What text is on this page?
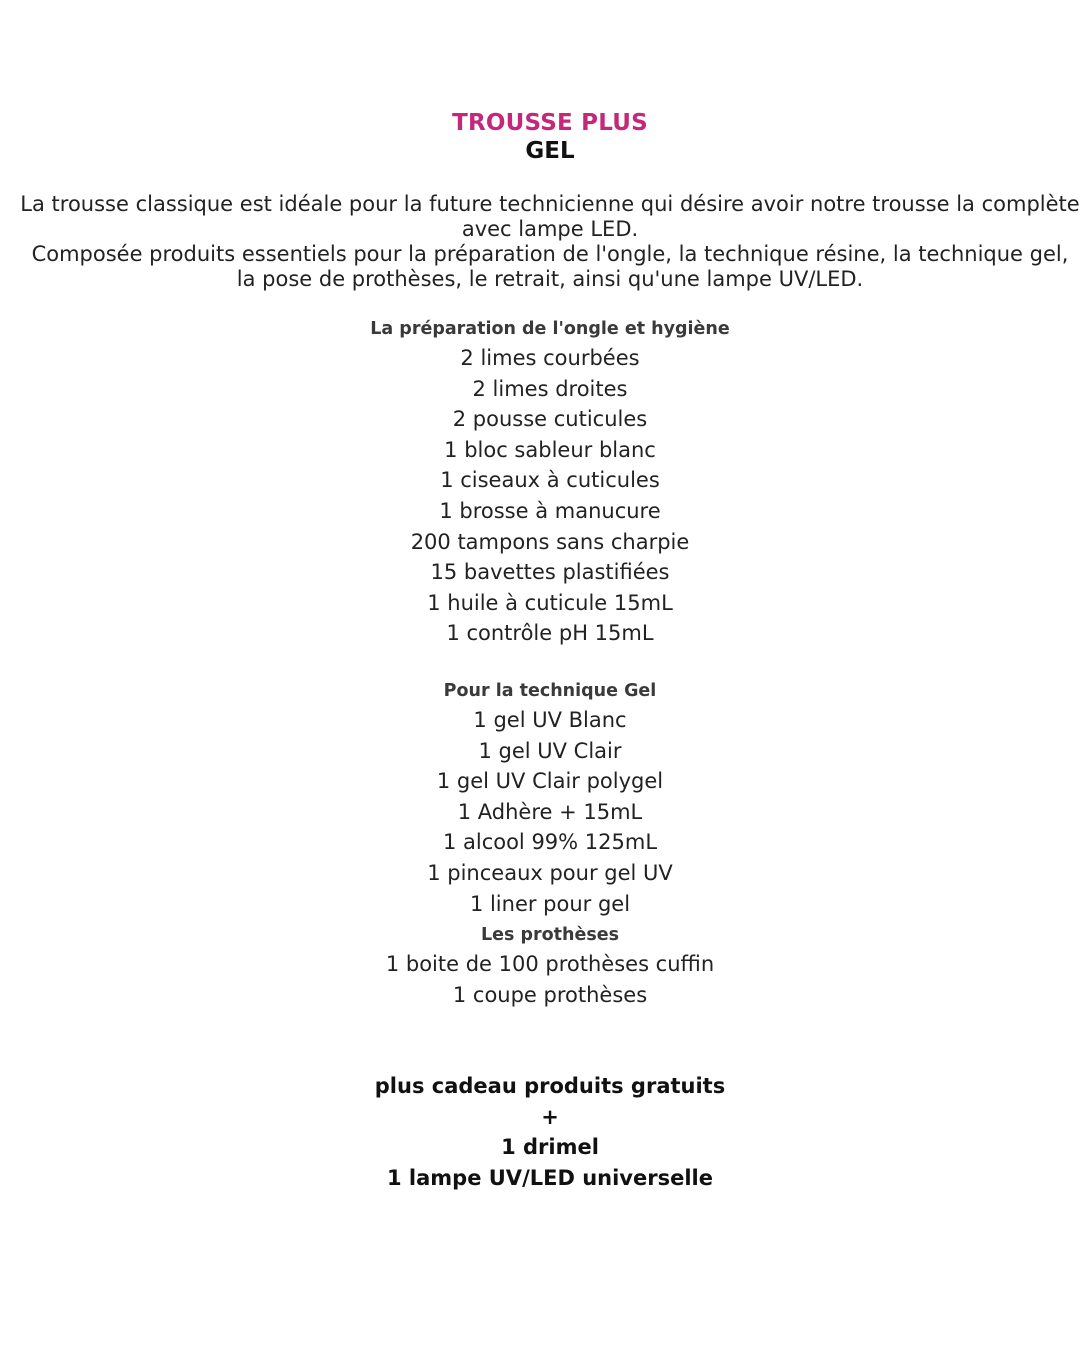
TROUSSE PLUS
GEL

La trousse classique est idéale pour la future technicienne qui désire avoir notre trousse la complète avec lampe LED.

Composée produits essentiels pour la préparation de l'ongle, la technique résine, la technique gel, la pose de prothèses, le retrait, ainsi qu'une lampe UV/LED.

La préparation de l'ongle et hygiène
2 limes courbées
2 limes droites
2 pousse cuticules
1 bloc sableur blanc
1 ciseaux à cuticules
1 brosse à manucure
200 tampons sans charpie
15 bavettes plastifiées
1 huile à cuticule 15mL
1 contrôle pH 15mL
Pour la technique Gel
1 gel UV Blanc
1 gel UV Clair
1 gel UV Clair polygel
1 Adhère + 15mL
1 alcool 99% 125mL
1 pinceaux pour gel UV
1 liner pour gel
Les prothèses
1 boite de 100 prothèses cuffin
1 coupe prothèses
plus cadeau produits gratuits
+
1 drimel
1 lampe UV/LED universelle
